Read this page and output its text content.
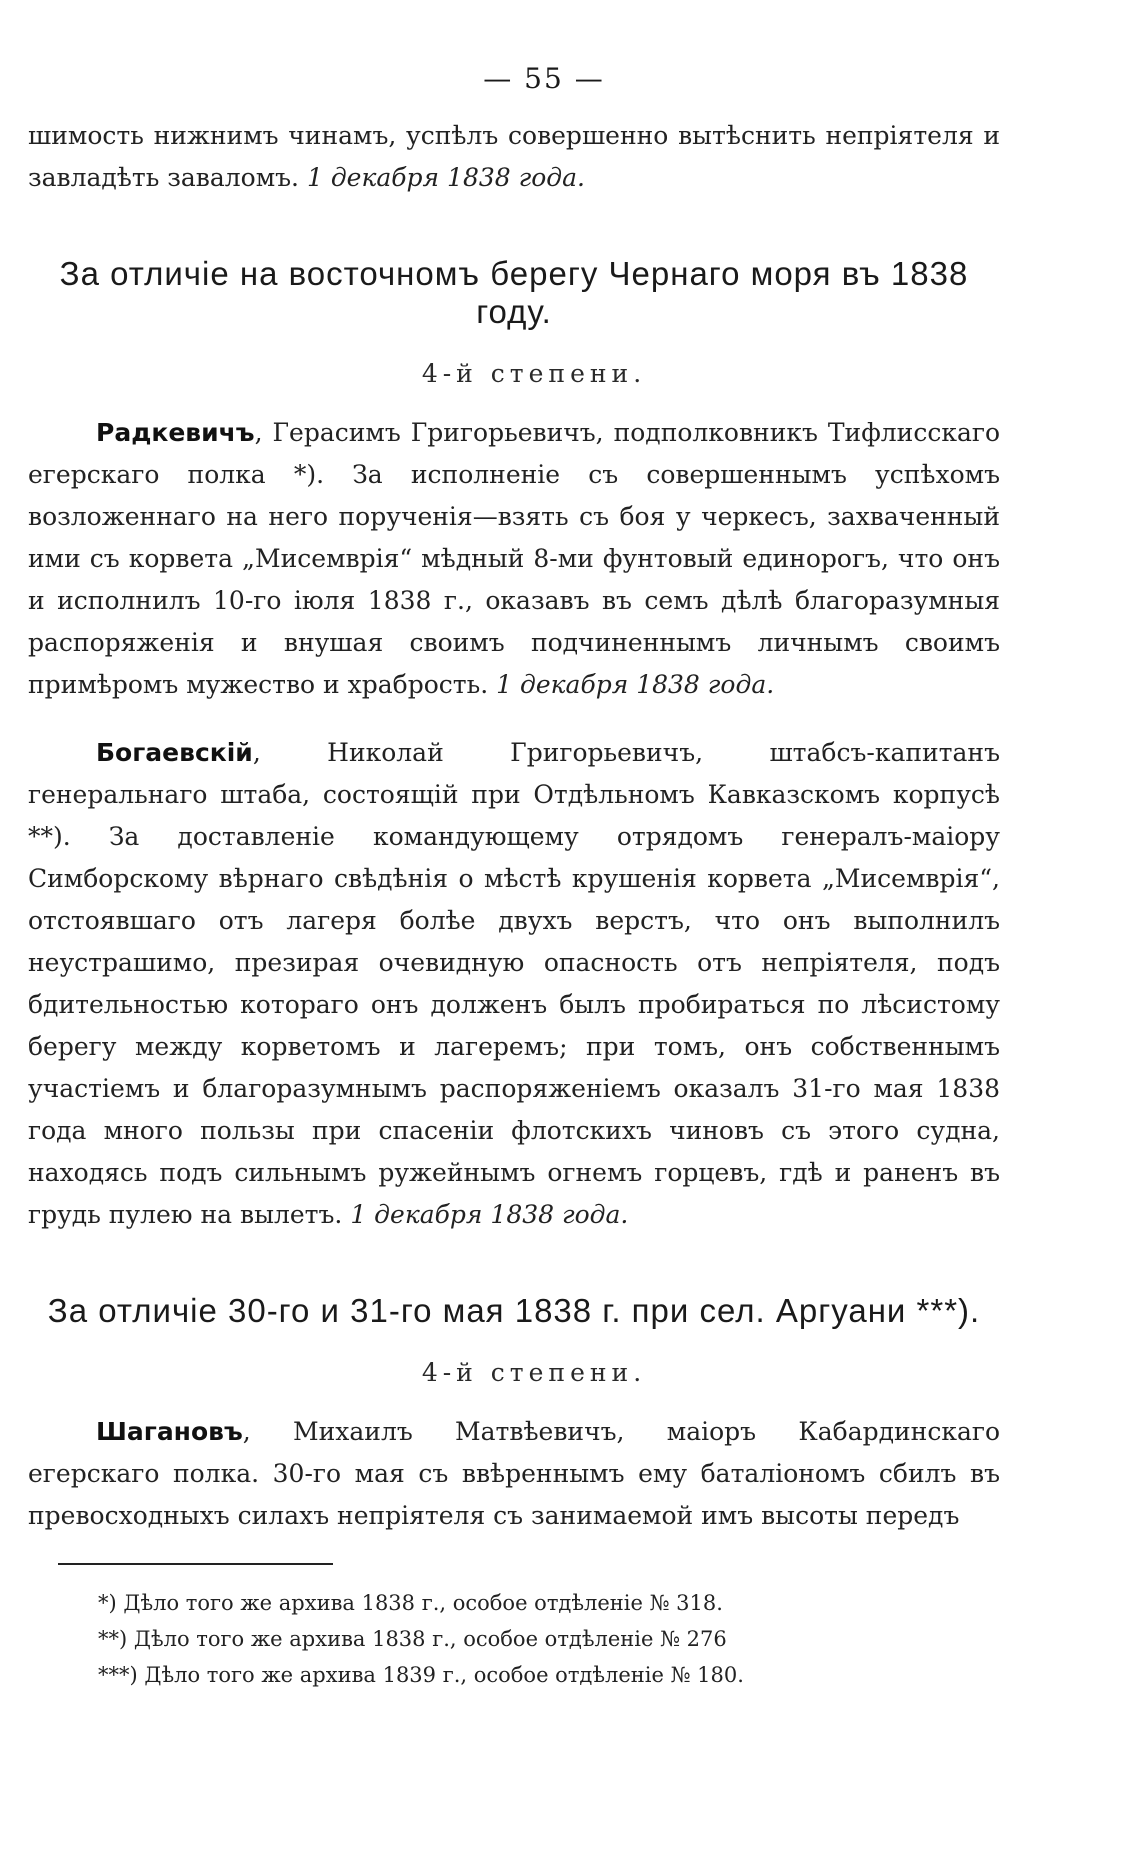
— 55 —

шимость нижнимъ чинамъ, успѣлъ совершенно вытѣснить непріятеля и завладѣть заваломъ. 1 декабря 1838 года.

За отличіе на восточномъ берегу Чернаго моря въ 1838 году.
4-й степени.

Радкевичъ, Герасимъ Григорьевичъ, подполковникъ Тифлисскаго егерскаго полка *). За исполненіе съ совершеннымъ успѣхомъ возложеннаго на него порученія—взять съ боя у черкесъ, захваченный ими съ корвета „Мисемврія“ мѣдный 8-ми фунтовый единорогъ, что онъ и исполнилъ 10-го іюля 1838 г., оказавъ въ семъ дѣлѣ благоразумныя распоряженія и внушая своимъ подчиненнымъ личнымъ своимъ примѣромъ мужество и храбрость. 1 декабря 1838 года.

Богаевскій, Николай Григорьевичъ, штабсъ-капитанъ генеральнаго штаба, состоящій при Отдѣльномъ Кавказскомъ корпусѣ **). За доставленіе командующему отрядомъ генералъ-маіору Симборскому вѣрнаго свѣдѣнія о мѣстѣ крушенія корвета „Мисемврія“, отстоявшаго отъ лагеря болѣе двухъ верстъ, что онъ выполнилъ неустрашимо, презирая очевидную опасность отъ непріятеля, подъ бдительностью котораго онъ долженъ былъ пробираться по лѣсистому берегу между корветомъ и лагеремъ; при томъ, онъ собственнымъ участіемъ и благоразумнымъ распоряженіемъ оказалъ 31-го мая 1838 года много пользы при спасеніи флотскихъ чиновъ съ этого судна, находясь подъ сильнымъ ружейнымъ огнемъ горцевъ, гдѣ и раненъ въ грудь пулею на вылетъ. 1 декабря 1838 года.

За отличіе 30-го и 31-го мая 1838 г. при сел. Аргуани ***).
4-й степени.

Шагановъ, Михаилъ Матвѣевичъ, маіоръ Кабардинскаго егерскаго полка. 30-го мая съ ввѣреннымъ ему баталіономъ сбилъ въ превосходныхъ силахъ непріятеля съ занимаемой имъ высоты передъ

*) Дѣло того же архива 1838 г., особое отдѣленіе № 318.

**) Дѣло того же архива 1838 г., особое отдѣленіе № 276

***) Дѣло того же архива 1839 г., особое отдѣленіе № 180.
